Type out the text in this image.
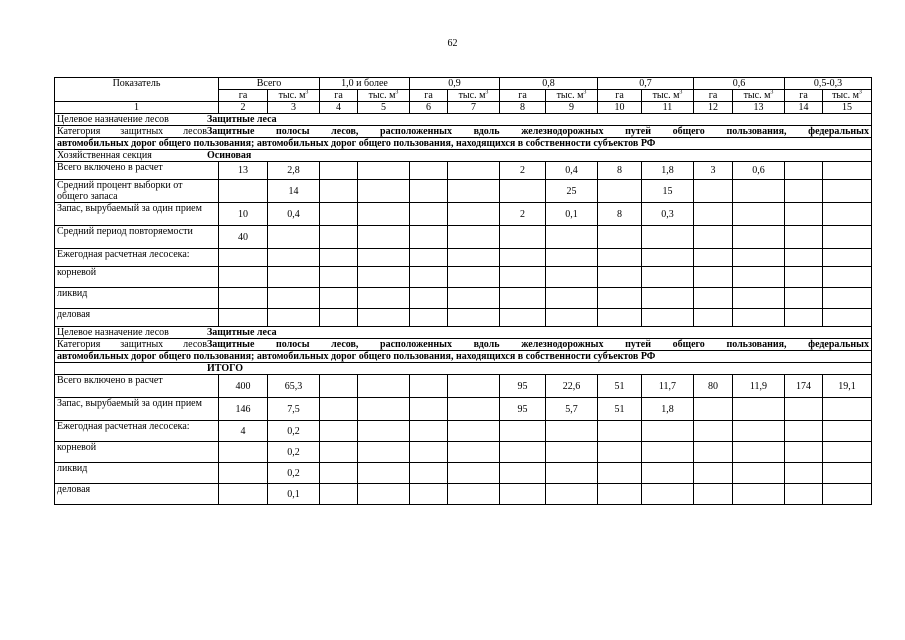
62
Показатель	Всего		1,0 и более		0,9		0,8		0,7		0,6		0,5-0,3	
	га	тыс. $м^3$	га	тыс. $м^3$	га	тыс. $м^3$	га	тыс. $м^3$	га	тыс. $м^3$	га	тыс. $м^3$	га	тыс. $м^3$
1	2	3	4	5	6	7	8	9	10	11	12	13	14	15
Целевое назначение лесов Защитные леса														
Категория защитных лесовЗащитные полосы лесов, расположенных вдоль железнодорожных путей общего пользования, федеральных														
автомобильных дорог общего пользования; автомобильных дорог общего пользования, находящихся в собственности субъектов РФ														
Хозяйственная секция Осиновая														
Всего включено в расчет	13	2,8					2	0,4	8	1,8	3	0,6		
Средний процент выборки от общего запаса		14						25		15				
Запас, вырубаемый за один прием	10	0,4					2	0,1	8	0,3				
Средний период повторяемости	40													
Ежегодная расчетная лесосека:														
корневой														
ликвид														
деловая														
Целевое назначение лесов Защитные леса														
Категория защитных лесовЗащитные полосы лесов, расположенных вдоль железнодорожных путей общего пользования, федеральных														
автомобильных дорог общего пользования; автомобильных дорог общего пользования, находящихся в собственности субъектов РФ														
ИТОГО														
Всего включено в расчет	400	65,3					95	22,6	51	11,7	80	11,9	174	19,1
Запас, вырубаемый за один прием	146	7,5					95	5,7	51	1,8				
Ежегодная расчетная лесосека:	4	0,2												
корневой		0,2												
ликвид		0,2												
деловая		0,1												
